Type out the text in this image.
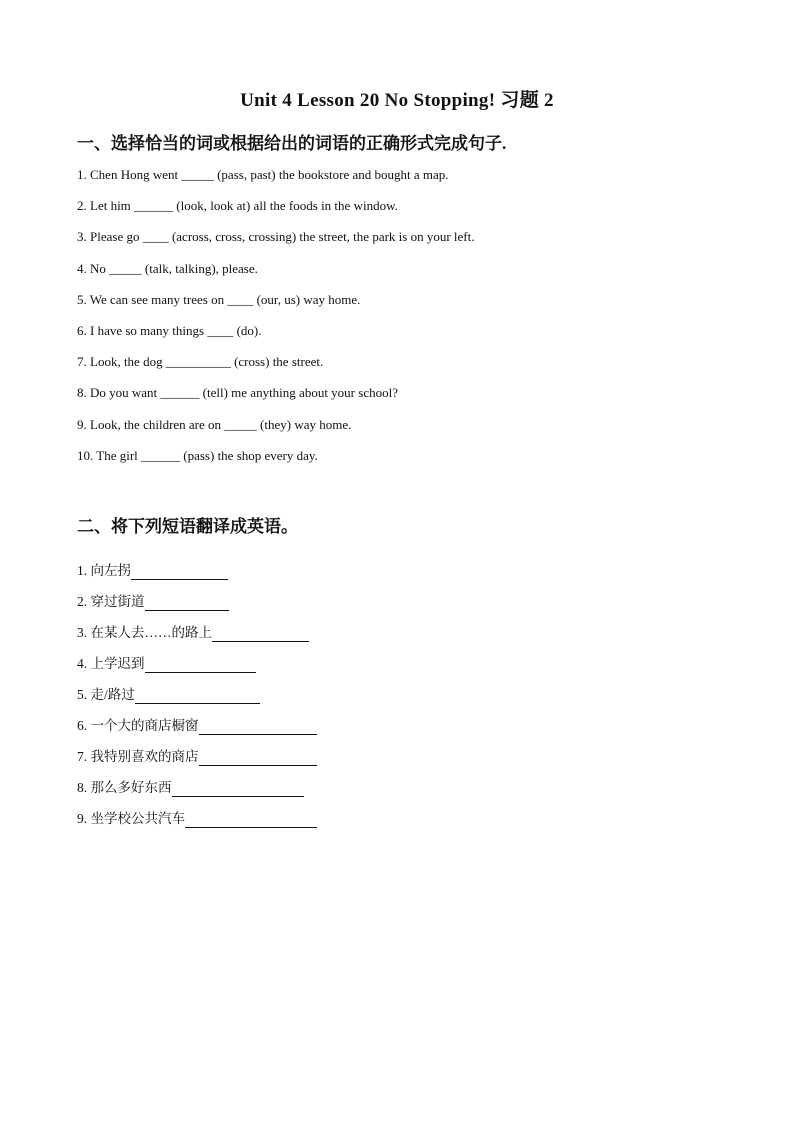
Unit 4 Lesson 20 No Stopping! 习题 2
一、选择恰当的词或根据给出的词语的正确形式完成句子.
1. Chen Hong went _____ (pass, past) the bookstore and bought a map.
2. Let him ______ (look, look at) all the foods in the window.
3. Please go ____ (across, cross, crossing) the street, the park is on your left.
4. No _____ (talk, talking), please.
5. We can see many trees on ____ (our, us) way home.
6. I have so many things ____ (do).
7. Look, the dog __________ (cross) the street.
8. Do you want ______ (tell) me anything about your school?
9. Look, the children are on _____ (they) way home.
10. The girl ______ (pass) the shop every day.
二、将下列短语翻译成英语。
1. 向左拐
2. 穿过街道
3. 在某人去……的路上
4. 上学迟到
5. 走/路过
6. 一个大的商店橱窗
7. 我特别喜欢的商店
8. 那么多好东西
9. 坐学校公共汽车
